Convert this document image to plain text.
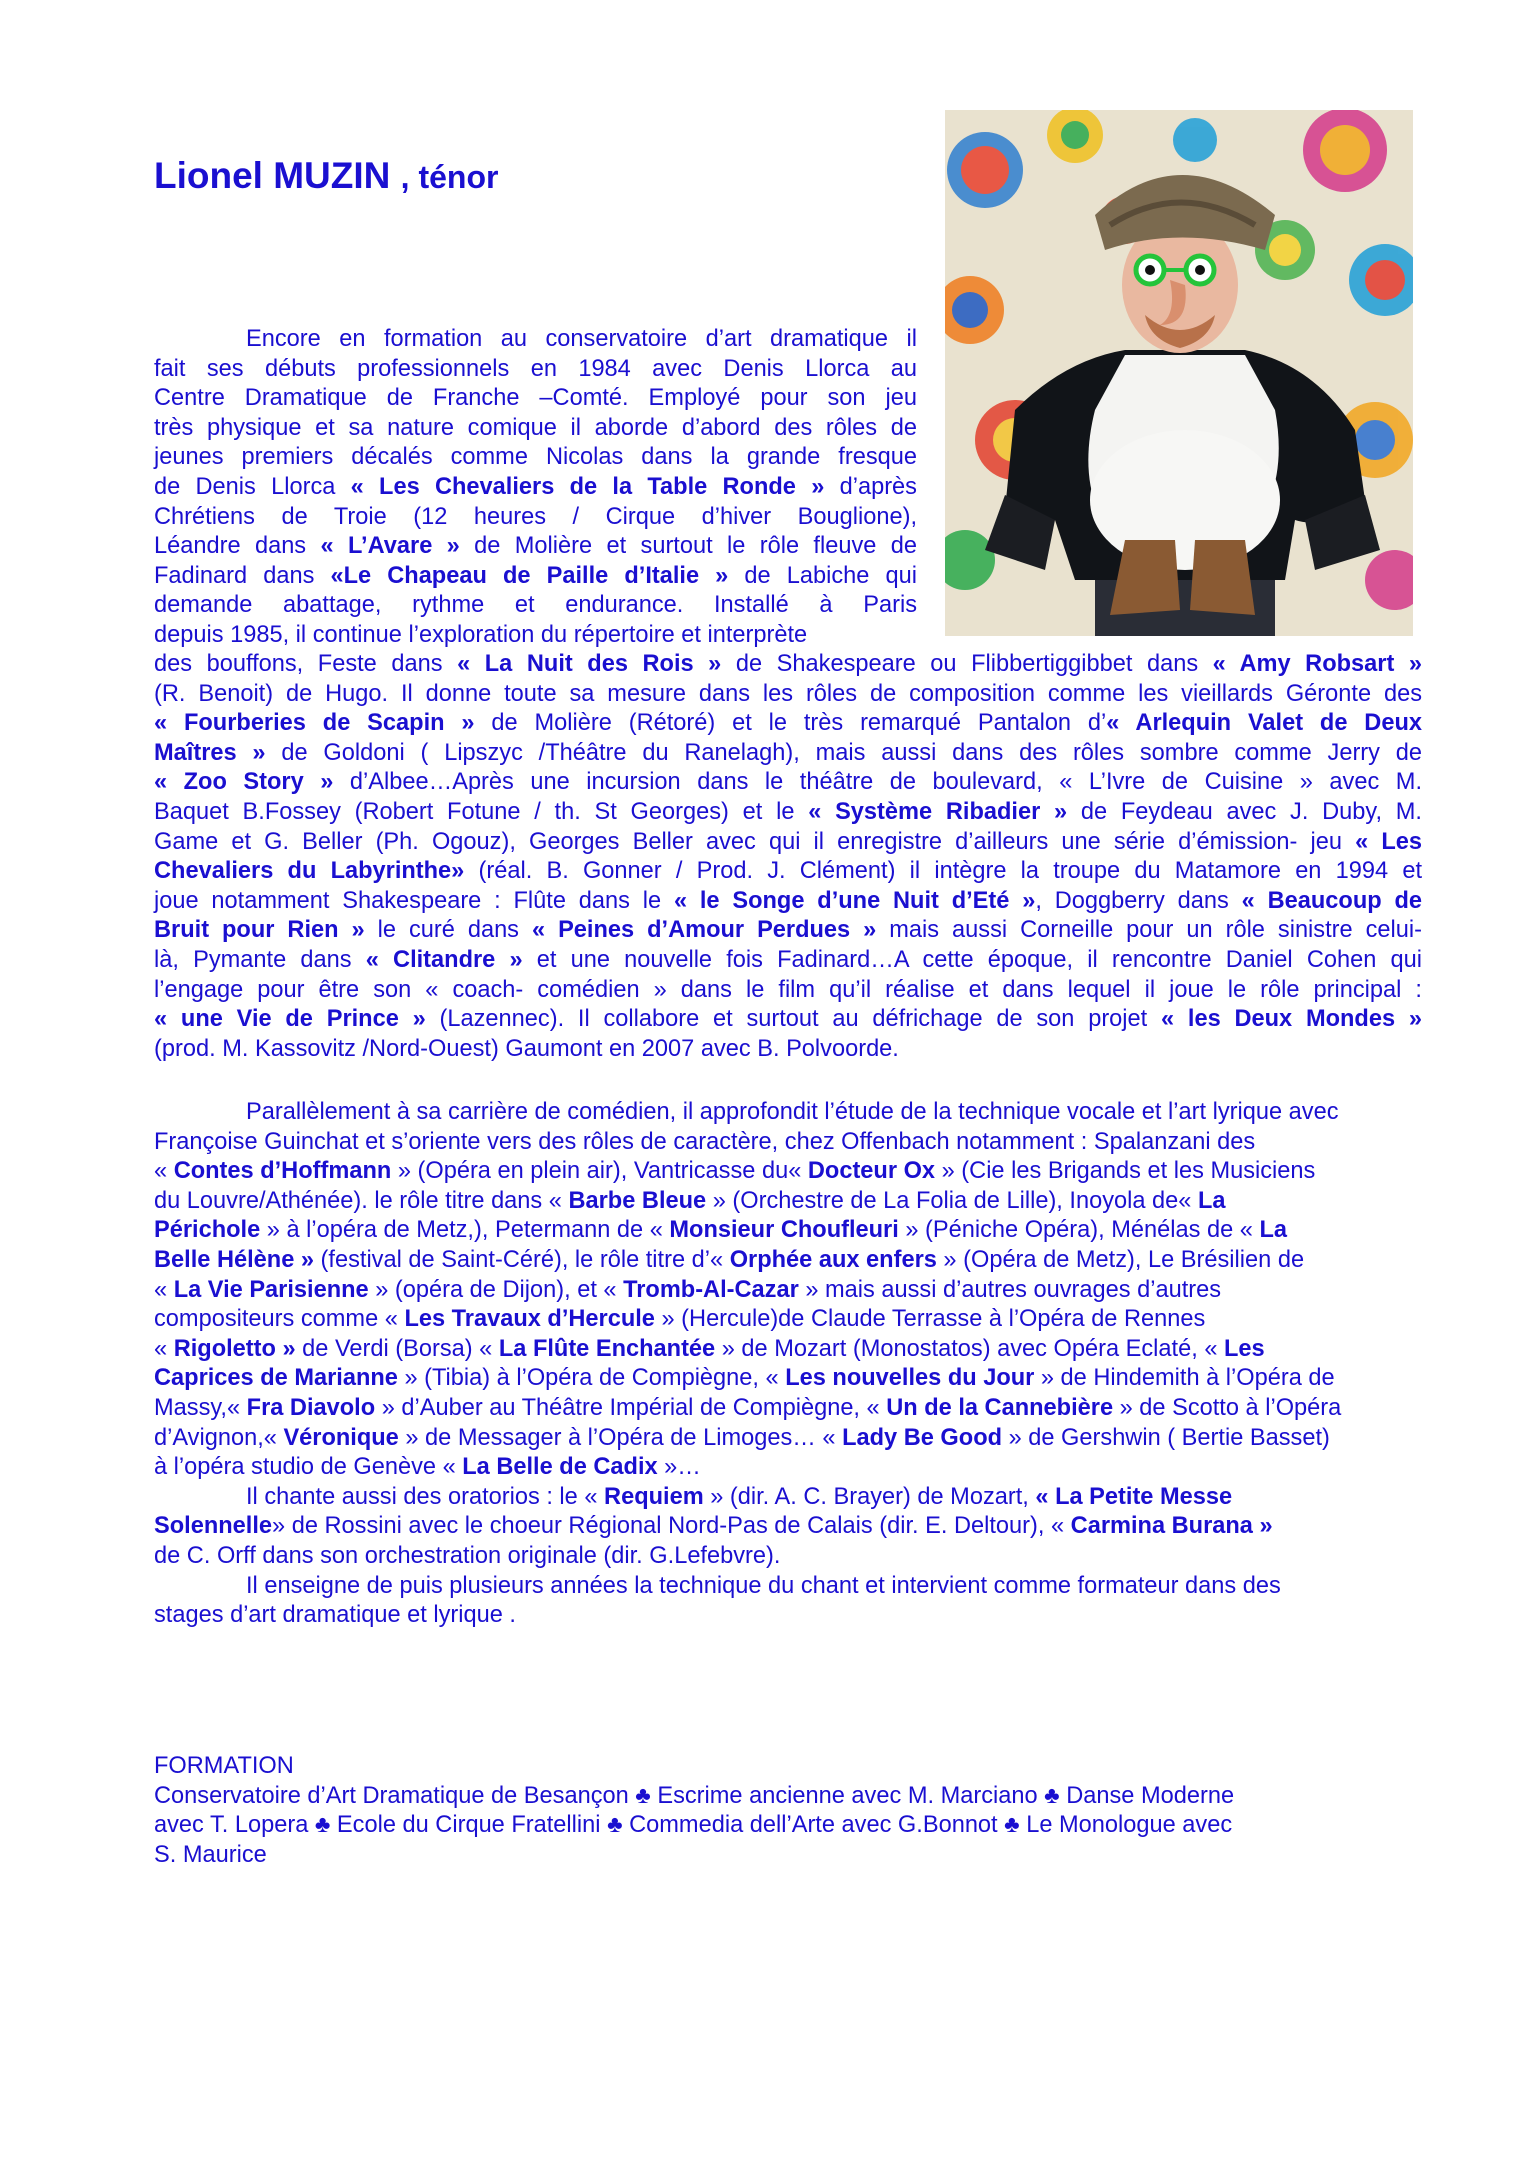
Lionel MUZIN , ténor
Encore en formation au conservatoire d’art dramatique il
fait ses débuts professionnels en 1984 avec Denis Llorca au
Centre Dramatique de Franche –Comté. Employé pour son jeu
très physique et sa nature comique il aborde d’abord des rôles de
jeunes premiers décalés comme Nicolas dans la grande fresque
de Denis Llorca « Les Chevaliers de la Table Ronde » d’après
Chrétiens de Troie (12 heures / Cirque d’hiver Bouglione),
Léandre dans « L’Avare » de Molière et surtout le rôle fleuve de
Fadinard dans «Le Chapeau de Paille d’Italie » de Labiche qui
demande abattage, rythme et endurance. Installé à Paris
depuis 1985, il continue l’exploration du répertoire et interprète
des bouffons, Feste dans « La Nuit des Rois » de Shakespeare ou Flibbertiggibbet dans « Amy Robsart »
(R. Benoit) de Hugo. Il donne toute sa mesure dans les rôles de composition comme les vieillards Géronte des
« Fourberies de Scapin » de Molière (Rétoré) et le très remarqué Pantalon d’« Arlequin Valet de Deux
Maîtres » de Goldoni ( Lipszyc /Théâtre du Ranelagh), mais aussi dans des rôles sombre comme Jerry de
« Zoo Story » d’Albee…Après une incursion dans le théâtre de boulevard, « L’Ivre de Cuisine » avec M.
Baquet B.Fossey (Robert Fotune / th. St Georges) et le « Système Ribadier » de Feydeau avec J. Duby, M.
Game et G. Beller (Ph. Ogouz), Georges Beller avec qui il enregistre d’ailleurs une série d’émission- jeu « Les
Chevaliers du Labyrinthe» (réal. B. Gonner / Prod. J. Clément) il intègre la troupe du Matamore en 1994 et
joue notamment Shakespeare : Flûte dans le « le Songe d’une Nuit d’Eté », Doggberry dans « Beaucoup de
Bruit pour Rien » le curé dans « Peines d’Amour Perdues » mais aussi Corneille pour un rôle sinistre celui-
là, Pymante dans « Clitandre » et une nouvelle fois Fadinard…A cette époque, il rencontre Daniel Cohen qui
l’engage pour être son « coach- comédien » dans le film qu’il réalise et dans lequel il joue le rôle principal :
« une Vie de Prince » (Lazennec). Il collabore et surtout au défrichage de son projet « les Deux Mondes »
(prod. M. Kassovitz /Nord-Ouest) Gaumont en 2007 avec B. Polvoorde.
Parallèlement à sa carrière de comédien, il approfondit l’étude de la technique vocale et l’art lyrique avec
Françoise Guinchat et s’oriente vers des rôles de caractère, chez Offenbach notamment : Spalanzani des
« Contes d’Hoffmann » (Opéra en plein air), Vantricasse du« Docteur Ox » (Cie les Brigands et les Musiciens
du Louvre/Athénée). le rôle titre dans « Barbe Bleue » (Orchestre de La Folia de Lille), Inoyola de« La
Périchole » à l’opéra de Metz,), Petermann de « Monsieur Choufleuri » (Péniche Opéra), Ménélas de « La
Belle Hélène » (festival de Saint-Céré), le rôle titre d’« Orphée aux enfers » (Opéra de Metz), Le Brésilien de
« La Vie Parisienne » (opéra de Dijon), et « Tromb-Al-Cazar » mais aussi d’autres ouvrages d’autres
compositeurs comme « Les Travaux d’Hercule » (Hercule)de Claude Terrasse à l’Opéra de Rennes
« Rigoletto » de Verdi (Borsa) « La Flûte Enchantée » de Mozart (Monostatos) avec Opéra Eclaté, « Les
Caprices de Marianne » (Tibia) à l’Opéra de Compiègne, « Les nouvelles du Jour » de Hindemith à l’Opéra de
Massy,« Fra Diavolo » d’Auber au Théâtre Impérial de Compiègne, « Un de la Cannebière » de Scotto à l’Opéra
d’Avignon,« Véronique » de Messager à l’Opéra de Limoges… « Lady Be Good » de Gershwin ( Bertie Basset)
à l’opéra studio de Genève « La Belle de Cadix »…
Il chante aussi des oratorios : le « Requiem » (dir. A. C. Brayer) de Mozart, « La Petite Messe
Solennelle» de Rossini avec le choeur Régional Nord-Pas de Calais (dir. E. Deltour), « Carmina Burana »
de C. Orff dans son orchestration originale (dir. G.Lefebvre).
Il enseigne de puis plusieurs années la technique du chant et intervient comme formateur dans des
stages d’art dramatique et lyrique .
FORMATION
Conservatoire d’Art Dramatique de Besançon ♣ Escrime ancienne avec M. Marciano ♣ Danse Moderne
avec T. Lopera ♣ Ecole du Cirque Fratellini ♣ Commedia dell’Arte avec G.Bonnot ♣ Le Monologue avec
S. Maurice
